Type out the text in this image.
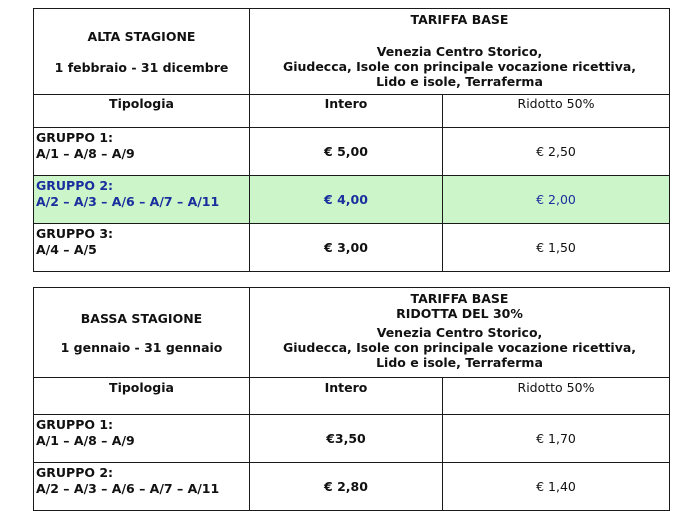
ALTA STAGIONE
1 febbraio - 31 dicembre	TARIFFA BASE
Venezia Centro Storico,
Giudecca, Isole con principale vocazione ricettiva,
Lido e isole, Terraferma	

Tipologia	Intero	Ridotto 50%

GRUPPO 1:
A/1 – A/8 – A/9	€ 5,00	€ 2,50

GRUPPO 2:
A/2 – A/3 – A/6 – A/7 – A/11	€ 4,00	€ 2,00

GRUPPO 3:
A/4 – A/5	€ 3,00	€ 1,50
BASSA STAGIONE
1 gennaio - 31 gennaio	TARIFFA BASE
RIDOTTA DEL 30%
Venezia Centro Storico,
Giudecca, Isole con principale vocazione ricettiva,
Lido e isole, Terraferma	

Tipologia	Intero	Ridotto 50%

GRUPPO 1:
A/1 – A/8 – A/9	€3,50	€ 1,70

GRUPPO 2:
A/2 – A/3 – A/6 – A/7 – A/11	€ 2,80	€ 1,40
